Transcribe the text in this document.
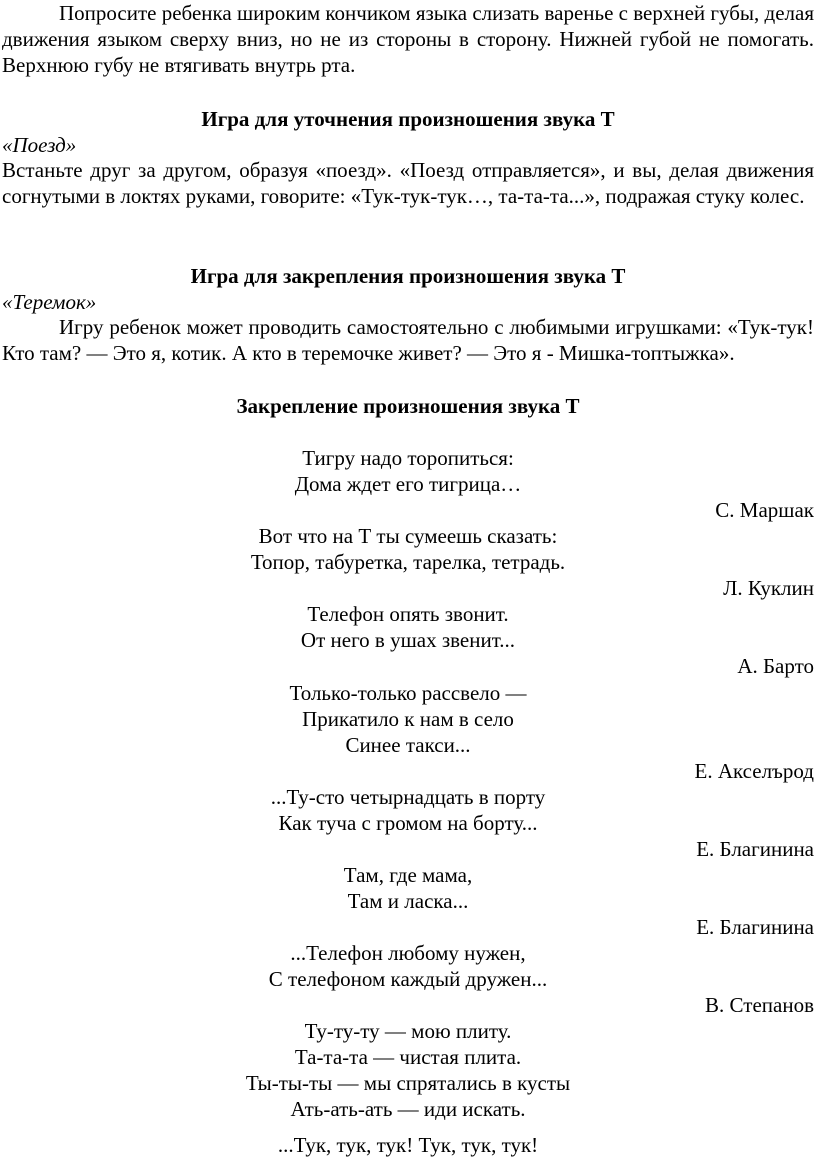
Попросите ребенка широким кончиком языка слизать варенье с верхней губы, делая движения языком сверху вниз, но не из стороны в сторону. Нижней губой не помогать. Верхнюю губу не втягивать внутрь рта.

Игра для уточнения произношения звука Т

«Поезд»

Встаньте друг за другом, образуя «поезд». «Поезд отправляется», и вы, делая движения согнутыми в локтях руками, говорите: «Тук-тук-тук…, та-та-та...», подражая стуку колес.

Игра для закрепления произношения звука Т

«Теремок»

Игру ребенок может проводить самостоятельно с любимыми игрушками: «Тук-тук! Кто там? — Это я, котик. А кто в теремочке живет? — Это я - Мишка-топтыжка».

Закрепление произношения звука Т

Тигру надо торопиться:

Дома ждет его тигрица…

С. Маршак

Вот что на Т ты сумеешь сказать:

Топор, табуретка, тарелка, тетрадь.

Л. Куклин

Телефон опять звонит.

От него в ушах звенит...

А. Барто

Только-только рассвело —

Прикатило к нам в село

Синее такси...

Е. Акселърод

...Ту-сто четырнадцать в порту

Как туча с громом на борту...

Е. Благинина

Там, где мама,

Там и ласка...

Е. Благинина

...Телефон любому нужен,

С телефоном каждый дружен...

В. Степанов

Ту-ту-ту — мою плиту.

Та-та-та — чистая плита.

Ты-ты-ты — мы спрятались в кусты

Ать-ать-ать — иди искать.

...Тук, тук, тук! Тук, тук, тук!
